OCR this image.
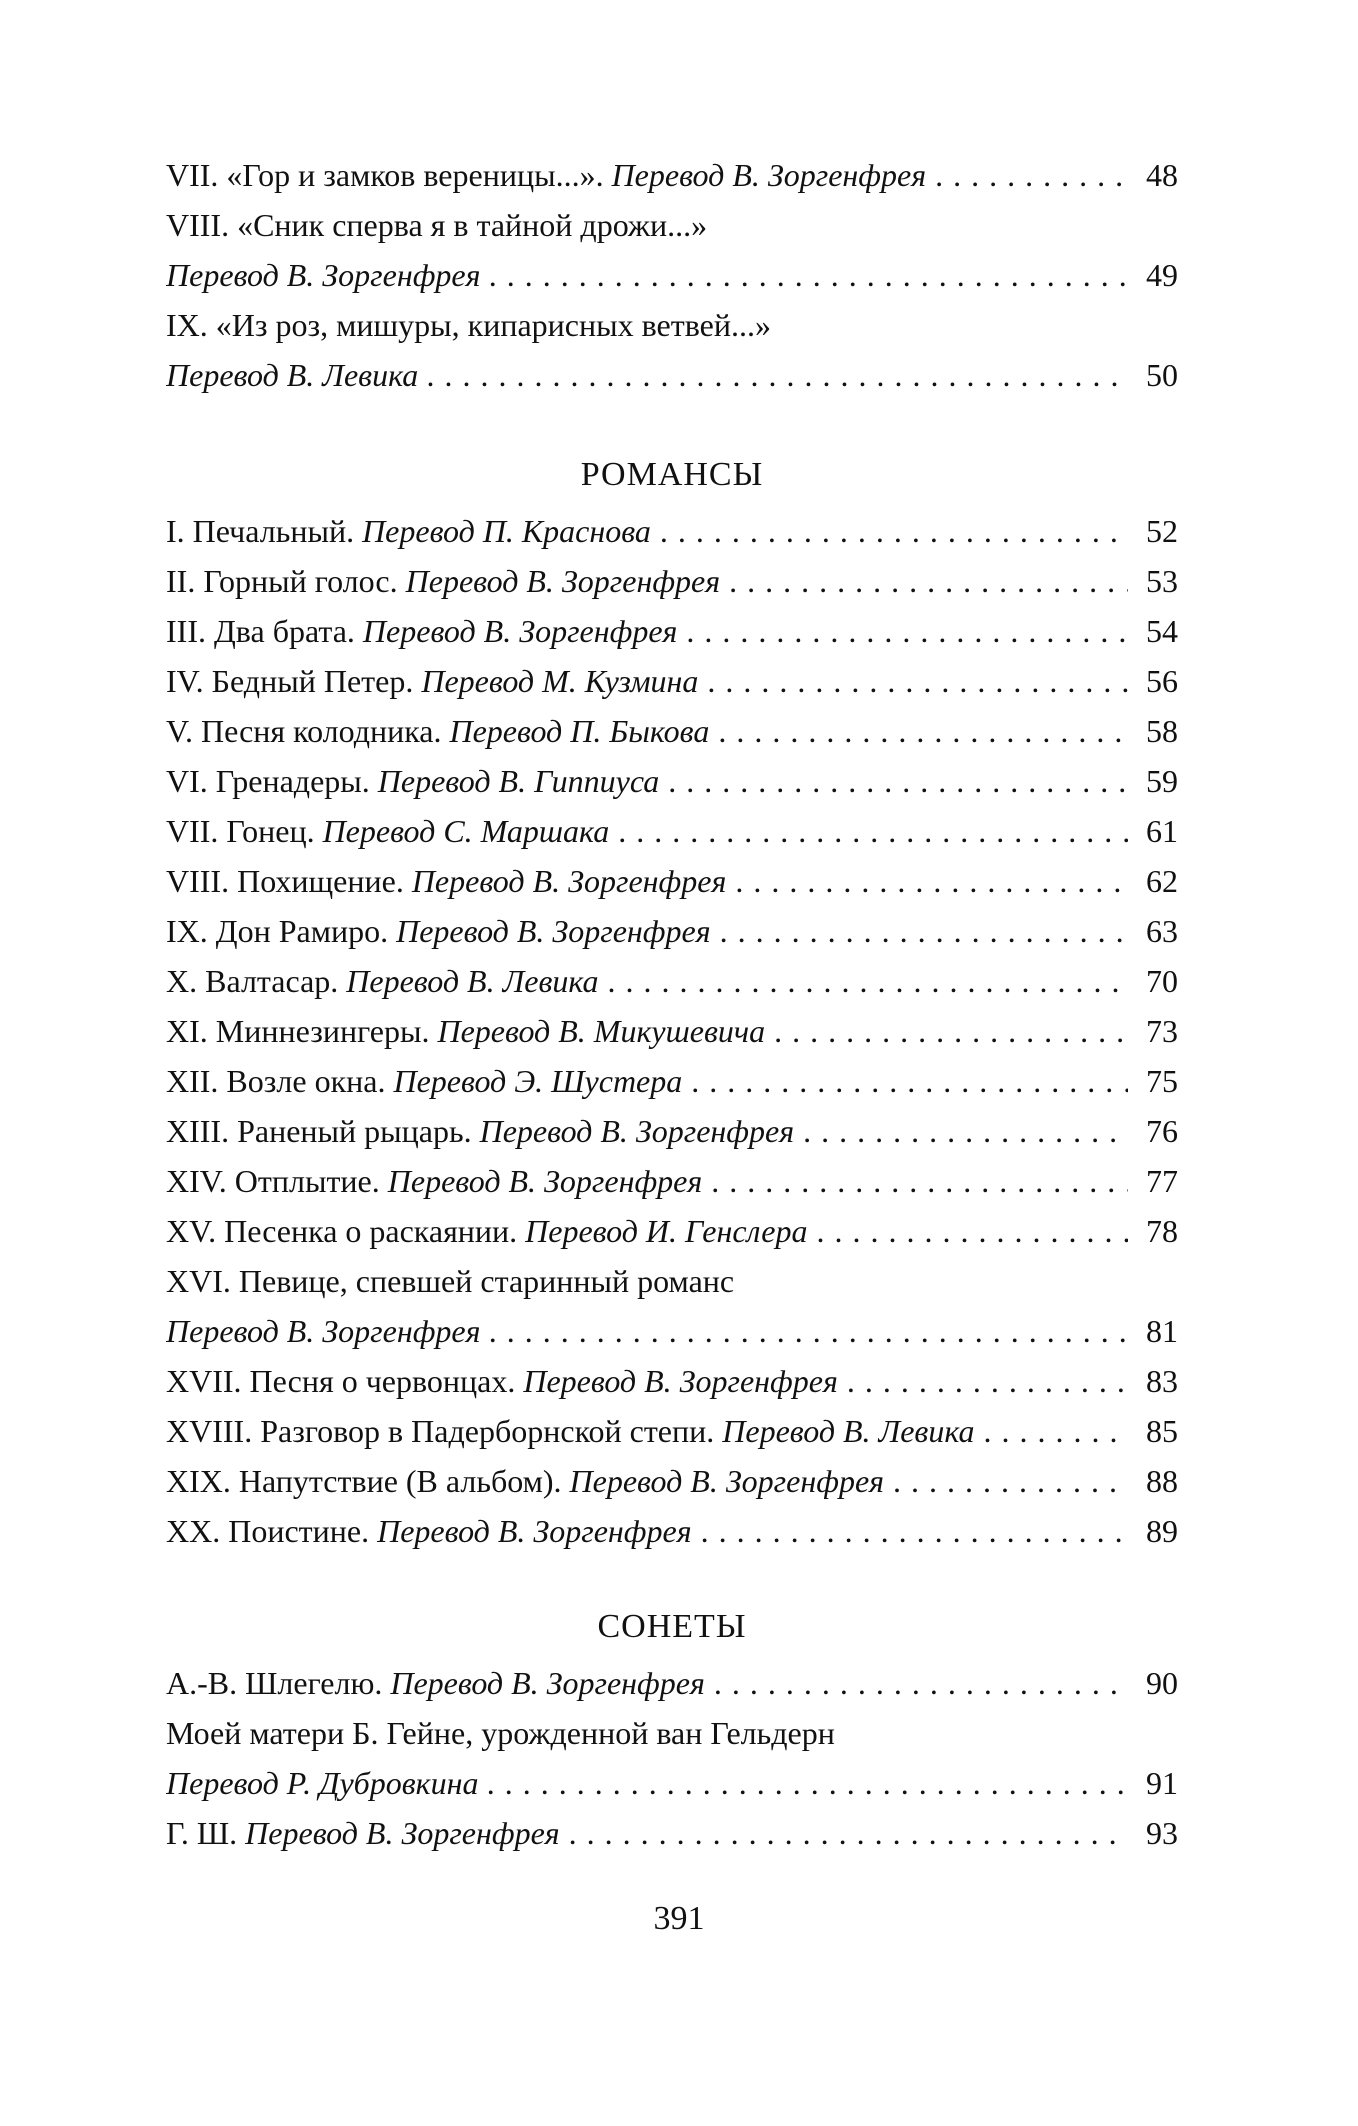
VII. «Гор и замков вереницы...». Перевод В. Зоргенфрея . . .	48
VIII. «Сник сперва я в тайной дрожи...»
Перевод В. Зоргенфрея . . .	49
IX. «Из роз, мишуры, кипарисных ветвей...»
Перевод В. Левика . . .	50
РОМАНСЫ
I. Печальный. Перевод П. Краснова . . .	52
II. Горный голос. Перевод В. Зоргенфрея . . .	53
III. Два брата. Перевод В. Зоргенфрея . . .	54
IV. Бедный Петер. Перевод М. Кузмина . . .	56
V. Песня колодника. Перевод П. Быкова . . .	58
VI. Гренадеры. Перевод В. Гиппиуса . . .	59
VII. Гонец. Перевод С. Маршака . . .	61
VIII. Похищение. Перевод В. Зоргенфрея . . .	62
IX. Дон Рамиро. Перевод В. Зоргенфрея . . .	63
X. Валтасар. Перевод В. Левика . . .	70
XI. Миннезингеры. Перевод В. Микушевича . . .	73
XII. Возле окна. Перевод Э. Шустера . . .	75
XIII. Раненый рыцарь. Перевод В. Зоргенфрея . . .	76
XIV. Отплытие. Перевод В. Зоргенфрея . . .	77
XV. Песенка о раскаянии. Перевод И. Генслера . . .	78
XVI. Певице, спевшей старинный романс
Перевод В. Зоргенфрея . . .	81
XVII. Песня о червонцах. Перевод В. Зоргенфрея . . .	83
XVIII. Разговор в Падерборнской степи. Перевод В. Левика . . .	85
XIX. Напутствие (В альбом). Перевод В. Зоргенфрея . . .	88
XX. Поистине. Перевод В. Зоргенфрея . . .	89
СОНЕТЫ
А.-В. Шлегелю. Перевод В. Зоргенфрея . . .	90
Моей матери Б. Гейне, урожденной ван Гельдерн
Перевод Р. Дубровкина . . .	91
Г. Ш. Перевод В. Зоргенфрея . . .	93
391
